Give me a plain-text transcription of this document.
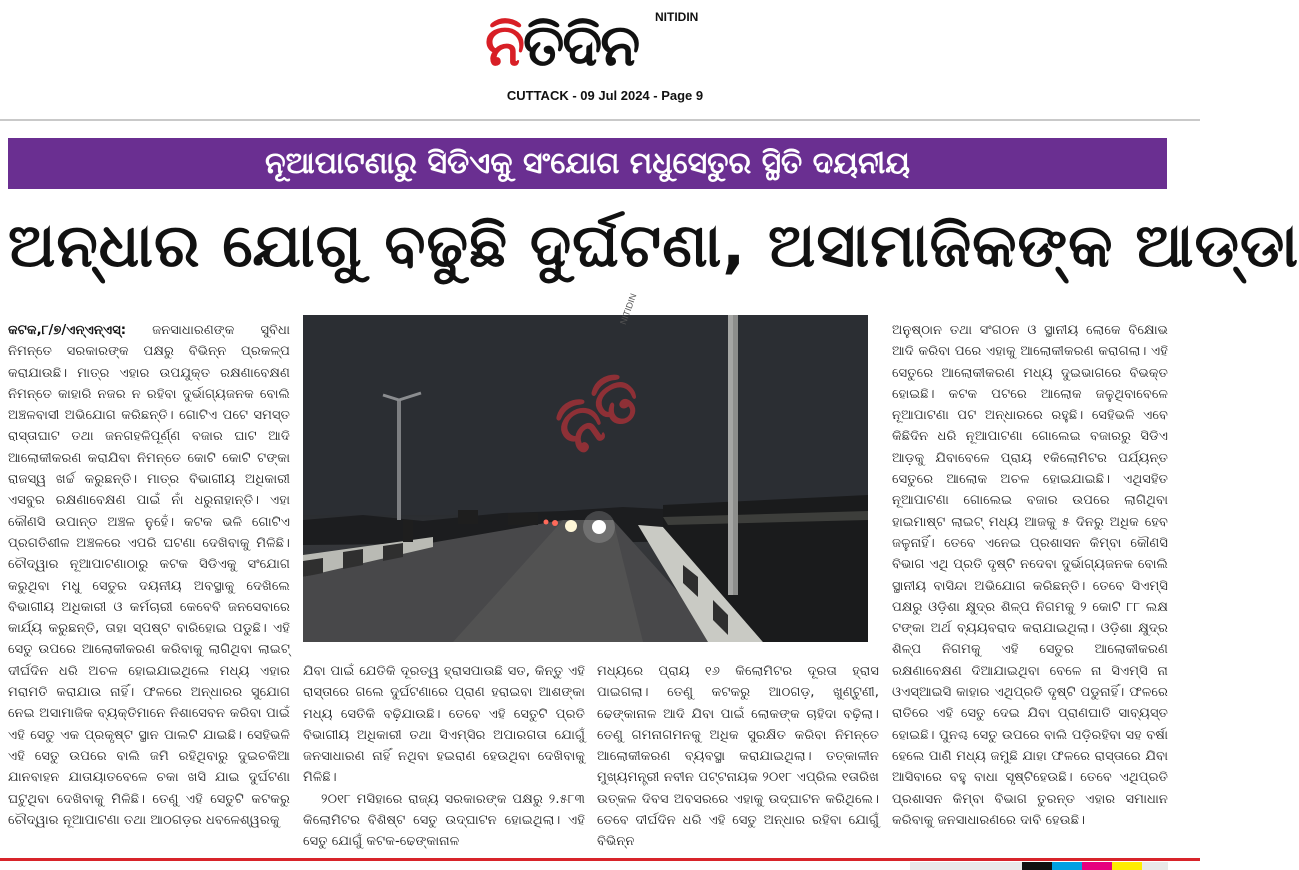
ନିତିଦିନ NITIDIN
CUTTACK - 09 Jul 2024 - Page 9
ନୂଆପାଟଣାରୁ ସିଡିଏକୁ ସଂଯୋଗ ମଧୁସେତୁର ସ୍ଥିତି ଦୟନୀୟ
ଅନ୍ଧାର ଯୋଗୁ ବଢୁଛି ଦୁର୍ଘଟଣା, ଅସାମାଜିକଙ୍କ ଆଡ୍ଡା

କଟକ,୮/୭/ଏନ୍‌ଏନ୍‌ଏସ୍‌: ଜନସାଧାରଣଙ୍କ ସୁବିଧା ନିମନ୍ତେ ସରକାରଙ୍କ ପକ୍ଷରୁ ବିଭିନ୍ନ ପ୍ରକଳ୍ପ କରାଯାଉଛି। ମାତ୍ର ଏହାର ଉପଯୁକ୍ତ ରକ୍ଷଣାବେକ୍ଷଣ ନିମନ୍ତେ କାହାରି ନଜର ନ ରହିବା ଦୁର୍ଭାଗ୍ୟଜନକ ବୋଲି ଅଞ୍ଚଳବାସୀ ଅଭିଯୋଗ କରିଛନ୍ତି। ଗୋଟିଏ ପଟେ ସମସ୍ତ ରାସ୍ତାଘାଟ ତଥା ଜନଗହଳିପୂର୍ଣ୍ଣ ବଜାର ଘାଟ ଆଦି ଆଲୋକୀକରଣ କରାଯିବା ନିମନ୍ତେ କୋଟି କୋଟି ଟଙ୍କା ରାଜସ୍ୱ ଖର୍ଚ୍ଚ କରୁଛନ୍ତି। ମାତ୍ର ବିଭାଗୀୟ ଅଧିକାରୀ ଏସବୁର ରକ୍ଷଣାବେକ୍ଷଣ ପାଇଁ ନାଁ ଧରୁନାହାନ୍ତି। ଏହା କୌଣସି ଉପାନ୍ତ ଅଞ୍ଚଳ ନୁହେଁ। କଟକ ଭଳି ଗୋଟିଏ ପ୍ରଗତିଶୀଳ ଅଞ୍ଚଳରେ ଏପରି ଘଟଣା ଦେଖିବାକୁ ମିଳିଛି। ଚୌଦ୍ୱାର ନୂଆପାଟଣାଠାରୁ କଟକ ସିଡିଏକୁ ସଂଯୋଗ କରୁଥିବା ମଧୁ ସେତୁର ଦୟନୀୟ ଅବସ୍ଥାକୁ ଦେଖିଲେ ବିଭାଗୀୟ ଅଧିକାରୀ ଓ କର୍ମଚାରୀ କେବେବି ଜନସେବାରେ କାର୍ଯ୍ୟ କରୁଛନ୍ତି, ତାହା ସ୍ପଷ୍ଟ ବାରିହୋଇ ପଡୁଛି। ଏହି ସେତୁ ଉପରେ ଆଲୋକୀକରଣ କରିବାକୁ ଲାଗିଥିବା ଲାଇଟ୍ ଦୀର୍ଘଦିନ ଧରି ଅଚଳ ହୋଇଯାଇଥିଲେ ମଧ୍ୟ ଏହାର ମରାମତି କରାଯାଉ ନାହିଁ। ଫଳରେ ଅନ୍ଧାରର ସୁଯୋଗ ନେଇ ଅସାମାଜିକ ବ୍ୟକ୍ତିମାନେ ନିଶାସେବନ କରିବା ପାଇଁ ଏହି ସେତୁ ଏକ ପ୍ରକୃଷ୍ଟ ସ୍ଥାନ ପାଲଟି ଯାଇଛି। ସେହିଭଳି ଏହି ସେତୁ ଉପରେ ବାଲି ଜମି ରହିଥିବାରୁ ଦୁଇଚକିଆ ଯାନବାହନ ଯାତାୟାତବେଳେ ଚକା ଖସି ଯାଇ ଦୁର୍ଘଟଣା ଘଟୁଥିବା ଦେଖିବାକୁ ମିଳିଛି। ତେଣୁ ଏହି ସେତୁଟି କଟକରୁ ଚୌଦ୍ୱାର ନୂଆପାଟଣା ତଥା ଆଠଗଡ଼ର ଧବଳେଶ୍ୱରକୁ

ନିତି
NITIDIN

ଯିବା ପାଇଁ ଯେତିକି ଦୂରତ୍ୱ ହ୍ରାସପାଉଛି ସତ, କିନ୍ତୁ ଏହି ରାସ୍ତାରେ ଗଲେ ଦୁର୍ଘଟଣାରେ ପ୍ରାଣ ହରାଇବା ଆଶଙ୍କା ମଧ୍ୟ ସେତିକି ବଢ଼ିଯାଉଛି। ତେବେ ଏହି ସେତୁଟି ପ୍ରତି ବିଭାଗୀୟ ଅଧିକାରୀ ତଥା ସିଏମ୍‌ସିର ଅପାରଗତା ଯୋଗୁଁ ଜନସାଧାରଣ ନାହିଁ ନଥିବା ହଇରାଣ ହେଉଥିବା ଦେଖିବାକୁ ମିଳିଛି।

୨୦୧୮ ମସିହାରେ ରାଜ୍ୟ ସରକାରଙ୍କ ପକ୍ଷରୁ ୨.୫୮୩ କିଲୋମିଟର ବିଶିଷ୍ଟ ସେତୁ ଉଦ୍‌ଘାଟନ ହୋଇଥିଲା। ଏହି ସେତୁ ଯୋଗୁଁ କଟକ-ଢେଙ୍କାନାଳ

ମଧ୍ୟରେ ପ୍ରାୟ ୧୬ କିଲୋମିଟର ଦୂରତା ହ୍ରାସ ପାଇଗଲା। ତେଣୁ କଟକରୁ ଆଠଗଡ଼, ଖୁଣ୍ଟୁଣୀ, ଢେଙ୍କାନାଳ ଆଦି ଯିବା ପାଇଁ ଲୋକଙ୍କ ଚାହିଦା ବଢ଼ିଲା। ତେଣୁ ଗମନାଗମନକୁ ଅଧିକ ସୁରକ୍ଷିତ କରିବା ନିମନ୍ତେ ଆଲୋକୀକରଣ ବ୍ୟବସ୍ଥା କରାଯାଇଥିଲା। ତତ୍କାଳୀନ ମୁଖ୍ୟମନ୍ତ୍ରୀ ନବୀନ ପଟ୍ଟନାୟକ ୨୦୧୮ ଏପ୍ରିଲ ୧ତାରିଖ ଉତ୍କଳ ଦିବସ ଅବସରରେ ଏହାକୁ ଉଦ୍‌ଘାଟନ କରିଥିଲେ। ତେବେ ଦୀର୍ଘଦିନ ଧରି ଏହି ସେତୁ ଅନ୍ଧାର ରହିବା ଯୋଗୁଁ ବିଭିନ୍ନ

ଅନୁଷ୍ଠାନ ତଥା ସଂଗଠନ ଓ ସ୍ଥାନୀୟ ଲୋକେ ବିକ୍ଷୋଭ ଆଦି କରିବା ପରେ ଏହାକୁ ଆଲୋକୀକରଣ କରାଗଲା। ଏହି ସେତୁରେ ଆଲୋକୀକରଣ ମଧ୍ୟ ଦୁଇଭାଗରେ ବିଭକ୍ତ ହୋଇଛି। କଟକ ପଟରେ ଆଲୋକ ଜଳୁଥିବାବେଳେ ନୂଆପାଟଣା ପଟ ଅନ୍ଧାରରେ ରହୁଛି। ସେହିଭଳି ଏବେ କିଛିଦିନ ଧରି ନୂଆପାଟଣା ଗୋଲେଇ ବଜାରରୁ ସିଡିଏ ଆଡ଼କୁ ଯିବାବେଳେ ପ୍ରାୟ ୧କିଲୋମିଟର ପର୍ଯ୍ୟନ୍ତ ସେତୁରେ ଆଲୋକ ଅଚଳ ହୋଇଯାଇଛି। ଏଥିସହିତ ନୂଆପାଟଣା ଗୋଲେଇ ବଜାର ଉପରେ ଲାଗିଥିବା ହାଇମାଷ୍ଟ ଲାଇଟ୍ ମଧ୍ୟ ଆଜକୁ ୫ ଦିନରୁ ଅଧିକ ହେବ ଜଳୁନାହିଁ। ତେବେ ଏନେଇ ପ୍ରଶାସନ କିମ୍ବା କୌଣସି ବିଭାଗ ଏଥି ପ୍ରତି ଦୃଷ୍ଟି ନଦେବା ଦୁର୍ଭାଗ୍ୟଜନକ ବୋଲି ସ୍ଥାନୀୟ ବାସିନ୍ଦା ଅଭିଯୋଗ କରିଛନ୍ତି। ତେବେ ସିଏମ୍‌ସି ପକ୍ଷରୁ ଓଡ଼ିଶା କ୍ଷୁଦ୍ର ଶିଳ୍ପ ନିଗମକୁ ୨ କୋଟି ୮୮ ଲକ୍ଷ ଟଙ୍କା ଅର୍ଥ ବ୍ୟୟବରାଦ କରାଯାଇଥିଲା। ଓଡ଼ିଶା କ୍ଷୁଦ୍ର ଶିଳ୍ପ ନିଗମକୁ ଏହି ସେତୁର ଆଲୋକୀକରଣ ରକ୍ଷଣାବେକ୍ଷଣ ଦିଆଯାଇଥିବା ବେଳେ ନା ସିଏମ୍‌ସି ନା ଓଏସ୍‌ଆଇସି କାହାର ଏଥିପ୍ରତି ଦୃଷ୍ଟି ପଡୁନାହିଁ। ଫଳରେ ରାତିରେ ଏହି ସେତୁ ଦେଇ ଯିବା ପ୍ରାଣଘାତି ସାବ୍ୟସ୍ତ ହୋଇଛି। ପୁନଶ୍ଚ ସେତୁ ଉପରେ ବାଲି ପଡ଼ିରହିବା ସହ ବର୍ଷା ହେଲେ ପାଣି ମଧ୍ୟ ଜମୁଛି ଯାହା ଫଳରେ ରାସ୍ତାରେ ଯିବା ଆସିବାରେ ବହୁ ବାଧା ସୃଷ୍ଟିହେଉଛି। ତେବେ ଏଥିପ୍ରତି ପ୍ରଶାସନ କିମ୍ବା ବିଭାଗ ତୁରନ୍ତ ଏହାର ସମାଧାନ କରିବାକୁ ଜନସାଧାରଣରେ ଦାବି ହେଉଛି।
